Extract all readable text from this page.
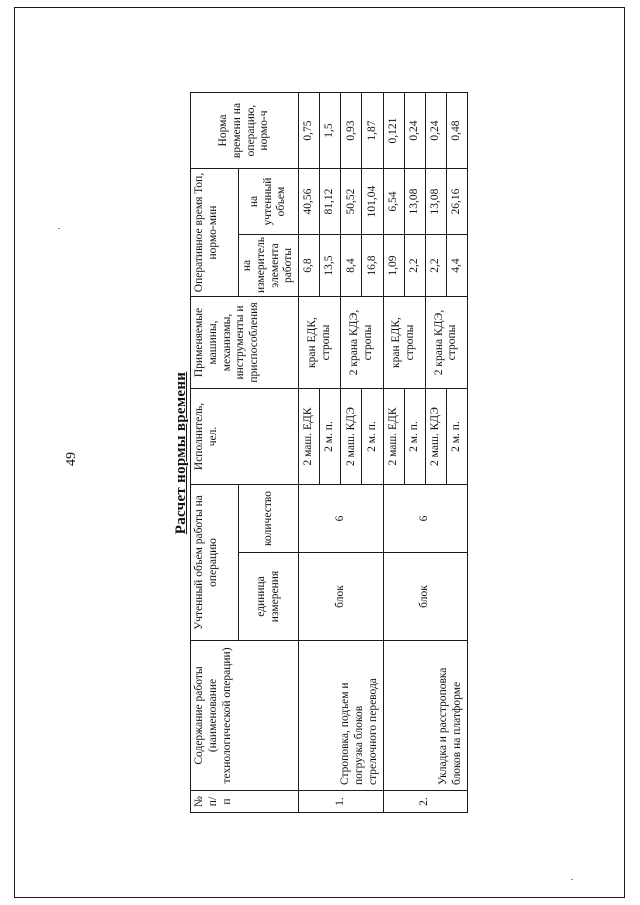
49	Расчет нормы времени
№ п/п	Содержание работы (наименование технологической операции)	Учтенный объем работы на операцию		Исполнитель, чел.	Применяемые машины, механизмы, инструменты и приспособления	Оперативное время Топ, нормо-мин		Норма времени на операцию, нормо-ч
		единица измерения	количество			на измеритель элемента работы	на учтенный объем	
1.	Строповка, подъем и погрузка блоков стрелочного перевода	блок	6	2 маш. ЕДК	кран ЕДК, стропы	6,8	40,56	0,75
				2 м. п.		13,5	81,12	1,5
				2 маш. КДЭ	2 крана КДЭ, стропы	8,4	50,52	0,93
				2 м. п.		16,8	101,04	1,87
2.	Укладка и расстроповка блоков на платформе	блок	6	2 маш. ЕДК	кран ЕДК, стропы	1,09	6,54	0,121
				2 м. п.		2,2	13,08	0,24
				2 маш. КДЭ	2 крана КДЭ, стропы	2,2	13,08	0,24
				2 м. п.		4,4	26,16	0,48
